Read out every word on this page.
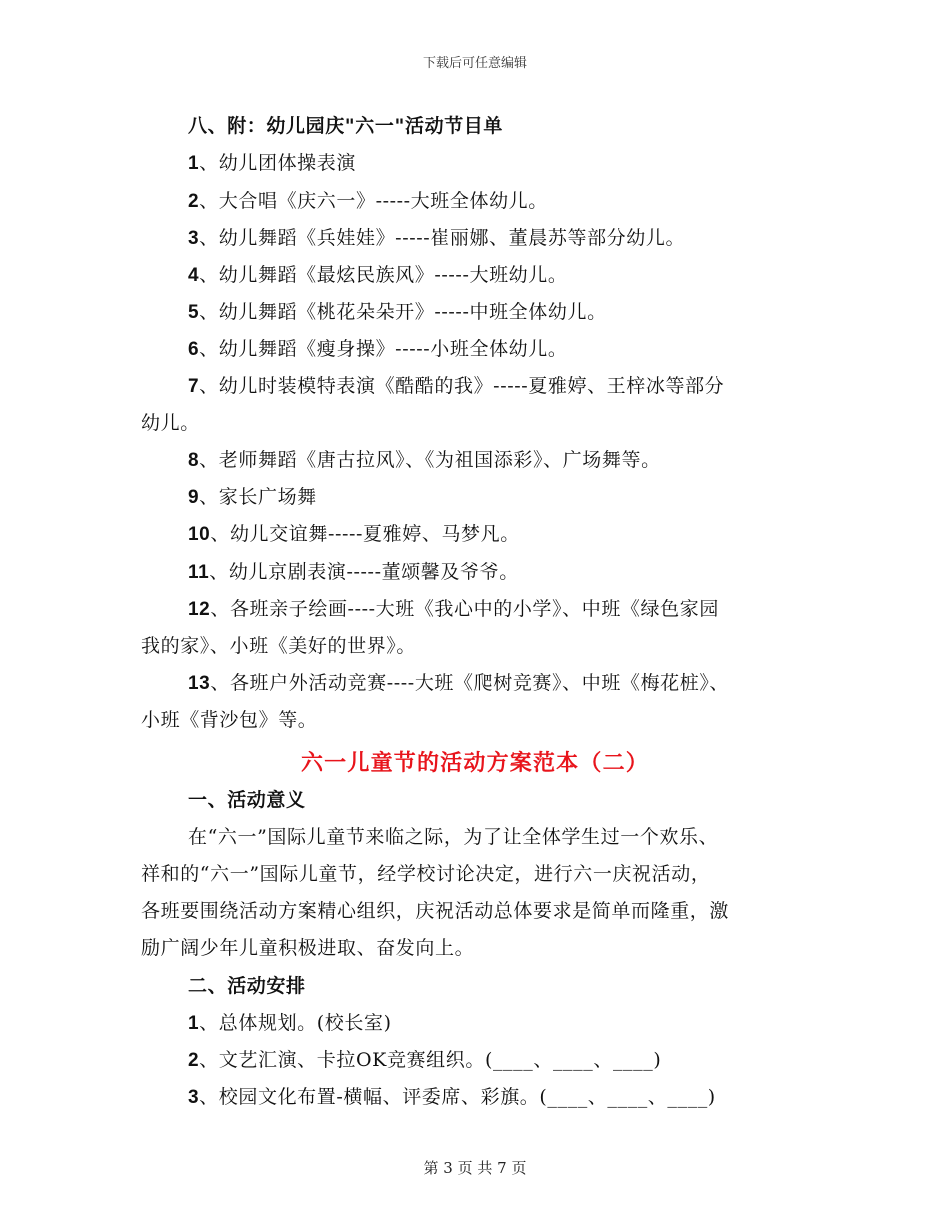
下载后可任意编辑
八、附：幼儿园庆"六一"活动节目单
1、幼儿团体操表演
2、大合唱《庆六一》-----大班全体幼儿。
3、幼儿舞蹈《兵娃娃》-----崔丽娜、董晨苏等部分幼儿。
4、幼儿舞蹈《最炫民族风》-----大班幼儿。
5、幼儿舞蹈《桃花朵朵开》-----中班全体幼儿。
6、幼儿舞蹈《瘦身操》-----小班全体幼儿。
7、幼儿时装模特表演《酷酷的我》-----夏雅婷、王梓冰等部分
幼儿。
8、老师舞蹈《唐古拉风》、《为祖国添彩》、广场舞等。
9、家长广场舞
10、幼儿交谊舞-----夏雅婷、马梦凡。
11、幼儿京剧表演-----董颂馨及爷爷。
12、各班亲子绘画----大班《我心中的小学》、中班《绿色家园
我的家》、小班《美好的世界》。
13、各班户外活动竞赛----大班《爬树竞赛》、中班《梅花桩》、
小班《背沙包》等。
六一儿童节的活动方案范本（二）
一、活动意义
在“六一”国际儿童节来临之际，为了让全体学生过一个欢乐、
祥和的“六一”国际儿童节，经学校讨论决定，进行六一庆祝活动，
各班要围绕活动方案精心组织，庆祝活动总体要求是简单而隆重，激
励广阔少年儿童积极进取、奋发向上。
二、活动安排
1、总体规划。(校长室)
2、文艺汇演、卡拉OK竞赛组织。(____、____、____)
3、校园文化布置-横幅、评委席、彩旗。(____、____、____)
第 3 页 共 7 页
